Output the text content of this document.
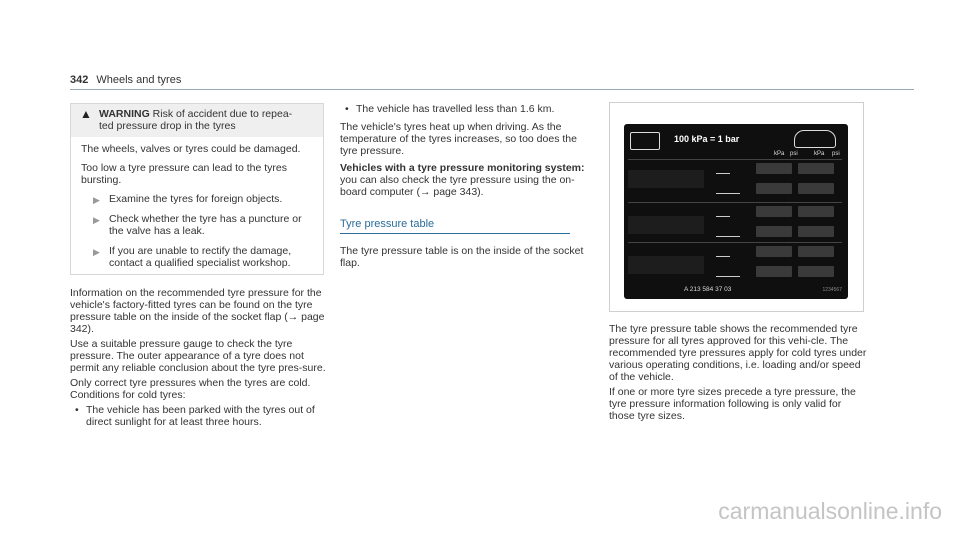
342 Wheels and tyres
▲ WARNING Risk of accident due to repea-
ted pressure drop in the tyres

The wheels, valves or tyres could be damaged.

Too low a tyre pressure can lead to the tyres bursting.

▶ Examine the tyres for foreign objects.
▶ Check whether the tyre has a puncture or the valve has a leak.
▶ If you are unable to rectify the damage, contact a qualified specialist workshop.

Information on the recommended tyre pressure for the vehicle's factory-fitted tyres can be found on the tyre pressure table on the inside of the socket flap (→ page 342).

Use a suitable pressure gauge to check the tyre pressure. The outer appearance of a tyre does not permit any reliable conclusion about the tyre pres-sure.

Only correct tyre pressures when the tyres are cold. Conditions for cold tyres:

• The vehicle has been parked with the tyres out of direct sunlight for at least three hours.
• The vehicle has travelled less than 1.6 km.

The vehicle's tyres heat up when driving. As the temperature of the tyres increases, so too does the tyre pressure.

Vehicles with a tyre pressure monitoring system:

you can also check the tyre pressure using the on-board computer (→ page 343).

Tyre pressure table

The tyre pressure table is on the inside of the socket flap.

100 kPa = 1 bar
kPa psi	kPa psi
A 213 584 37 03	1234567

The tyre pressure table shows the recommended tyre pressure for all tyres approved for this vehi-cle. The recommended tyre pressures apply for cold tyres under various operating conditions, i.e. loading and/or speed of the vehicle.

If one or more tyre sizes precede a tyre pressure, the tyre pressure information following is only valid for those tyre sizes.

carmanualsonline.info
